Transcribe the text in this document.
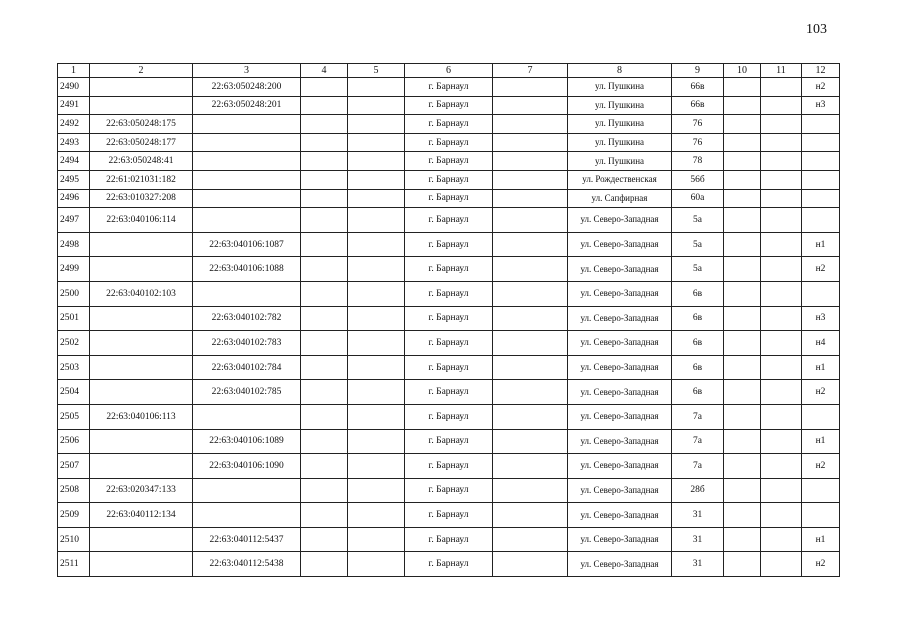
103
1	2	3	4	5	6	7	8	9	10	11	12
2490		22:63:050248:200			г. Барнаул		ул. Пушкина	66в			н2
2491		22:63:050248:201			г. Барнаул		ул. Пушкина	66в			н3
2492	22:63:050248:175				г. Барнаул		ул. Пушкина	76			
2493	22:63:050248:177				г. Барнаул		ул. Пушкина	76			
2494	22:63:050248:41				г. Барнаул		ул. Пушкина	78			
2495	22:61:021031:182				г. Барнаул		ул. Рождественская	56б			
2496	22:63:010327:208				г. Барнаул		ул. Сапфирная	60а			
2497	22:63:040106:114				г. Барнаул		ул. Северо-Западная	5а			
2498		22:63:040106:1087			г. Барнаул		ул. Северо-Западная	5а			н1
2499		22:63:040106:1088			г. Барнаул		ул. Северо-Западная	5а			н2
2500	22:63:040102:103				г. Барнаул		ул. Северо-Западная	6в			
2501		22:63:040102:782			г. Барнаул		ул. Северо-Западная	6в			н3
2502		22:63:040102:783			г. Барнаул		ул. Северо-Западная	6в			н4
2503		22:63:040102:784			г. Барнаул		ул. Северо-Западная	6в			н1
2504		22:63:040102:785			г. Барнаул		ул. Северо-Западная	6в			н2
2505	22:63:040106:113				г. Барнаул		ул. Северо-Западная	7а			
2506		22:63:040106:1089			г. Барнаул		ул. Северо-Западная	7а			н1
2507		22:63:040106:1090			г. Барнаул		ул. Северо-Западная	7а			н2
2508	22:63:020347:133				г. Барнаул		ул. Северо-Западная	28б			
2509	22:63:040112:134				г. Барнаул		ул. Северо-Западная	31			
2510		22:63:040112:5437			г. Барнаул		ул. Северо-Западная	31			н1
2511		22:63:040112:5438			г. Барнаул		ул. Северо-Западная	31			н2
